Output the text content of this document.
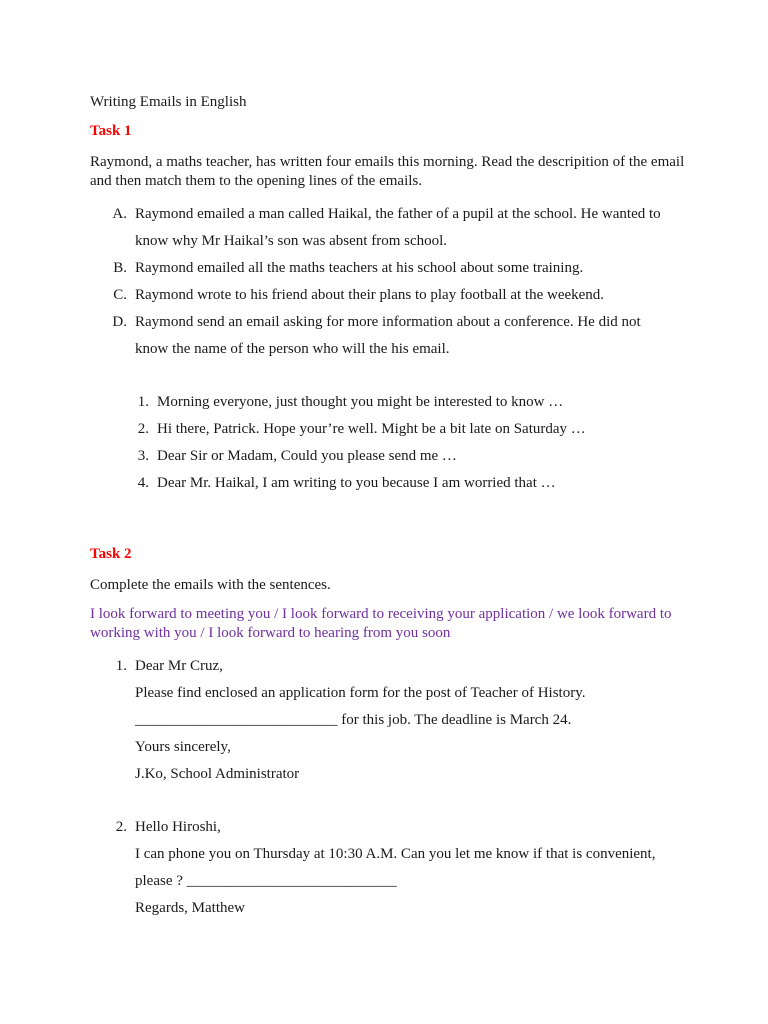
Writing Emails in English
Task 1
Raymond, a maths teacher, has written four emails this morning. Read the descripition of the email and then match them to the opening lines of the emails.
A. Raymond emailed a man called Haikal, the father of a pupil at the school. He wanted to
know why Mr Haikal’s son was absent from school.
B. Raymond emailed all the maths teachers at his school about some training.
C. Raymond wrote to his friend about their plans to play football at the weekend.
D. Raymond send an email asking for more information about a conference. He did not
know the name of the person who will the his email.
1. Morning everyone, just thought you might be interested to know …
2. Hi there, Patrick. Hope your’re well. Might be a bit late on Saturday …
3. Dear Sir or Madam, Could you please send me …
4. Dear Mr. Haikal, I am writing to you because I am worried that …
Task 2
Complete the emails with the sentences.
I look forward to meeting you / I look forward to receiving your application / we look forward to working with you / I look forward to hearing from you soon
1. Dear Mr Cruz,
Please find enclosed an application form for the post of Teacher of History.
___________________________ for this job. The deadline is March 24.
Yours sincerely,
J.Ko, School Administrator
2. Hello Hiroshi,
I can phone you on Thursday at 10:30 A.M. Can you let me know if that is convenient,
please ? ____________________________
Regards, Matthew
